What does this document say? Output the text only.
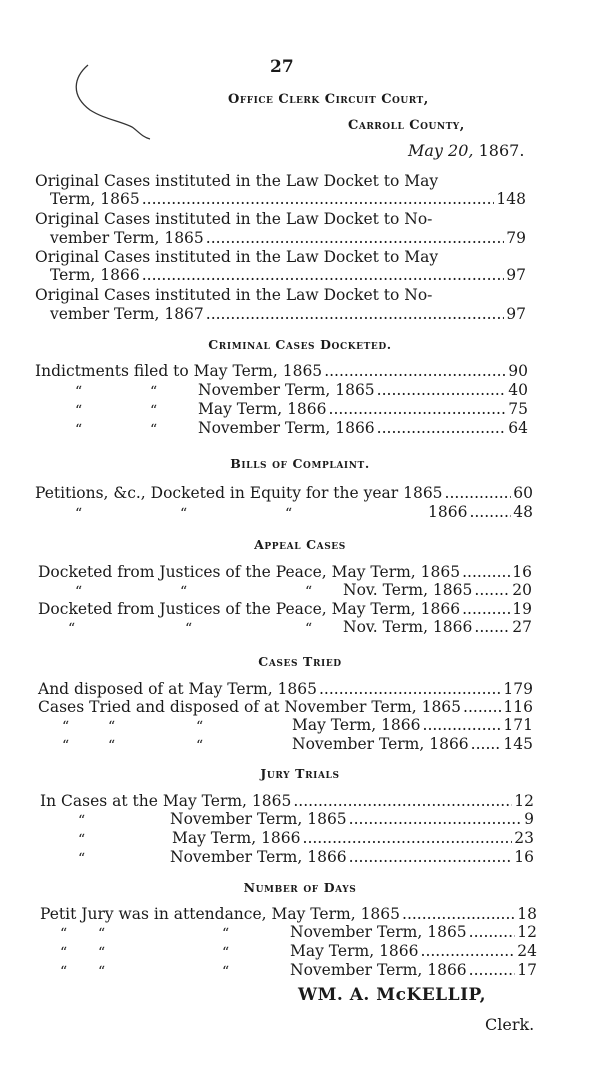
27
Office Clerk Circuit Court,
Carroll County,
May 20, 1867.
Original Cases instituted in the Law Docket to May
Term, 1865 .....	148
Original Cases instituted in the Law Docket to No-
vember Term, 1865 .....	79
Original Cases instituted in the Law Docket to May
Term, 1866 .....	97
Original Cases instituted in the Law Docket to No-
vember Term, 1867 .....	97
Criminal Cases Docketed.
Indictments filed to May Term, 1865 .....	90
“	“	November Term, 1865 .....	40
“	“	May Term, 1866 .....	75
“	“	November Term, 1866 .....	64
Bills of Complaint.
Petitions, &c., Docketed in Equity for the year 1865 .....	60
“	“	“	1866 .....	48
Appeal Cases
Docketed from Justices of the Peace, May Term, 1865 .....	16
“	“	“ Nov. Term, 1865 .....	20
Docketed from Justices of the Peace, May Term, 1866 .....	19
“	“	“ Nov. Term, 1866 .....	27
Cases Tried
And disposed of at May Term, 1865 .....	179
Cases Tried and disposed of at November Term, 1865 .....	116
“	“	“	May Term, 1866 .....	171
“	“	“	November Term, 1866 ..... 145
Jury Trials
In Cases at the May Term, 1865 .....	12
“	November Term, 1865 .....	9
“	May Term, 1866 .....	23
“	November Term, 1866 .....	16
Number of Days
Petit Jury was in attendance, May Term, 1865 .....	18
“ “	“	November Term, 1865 .....	12
“ “	“	May Term, 1866 .....	24
“ “	“	November Term, 1866 .....	17
WM. A. McKELLIP,
Clerk.
